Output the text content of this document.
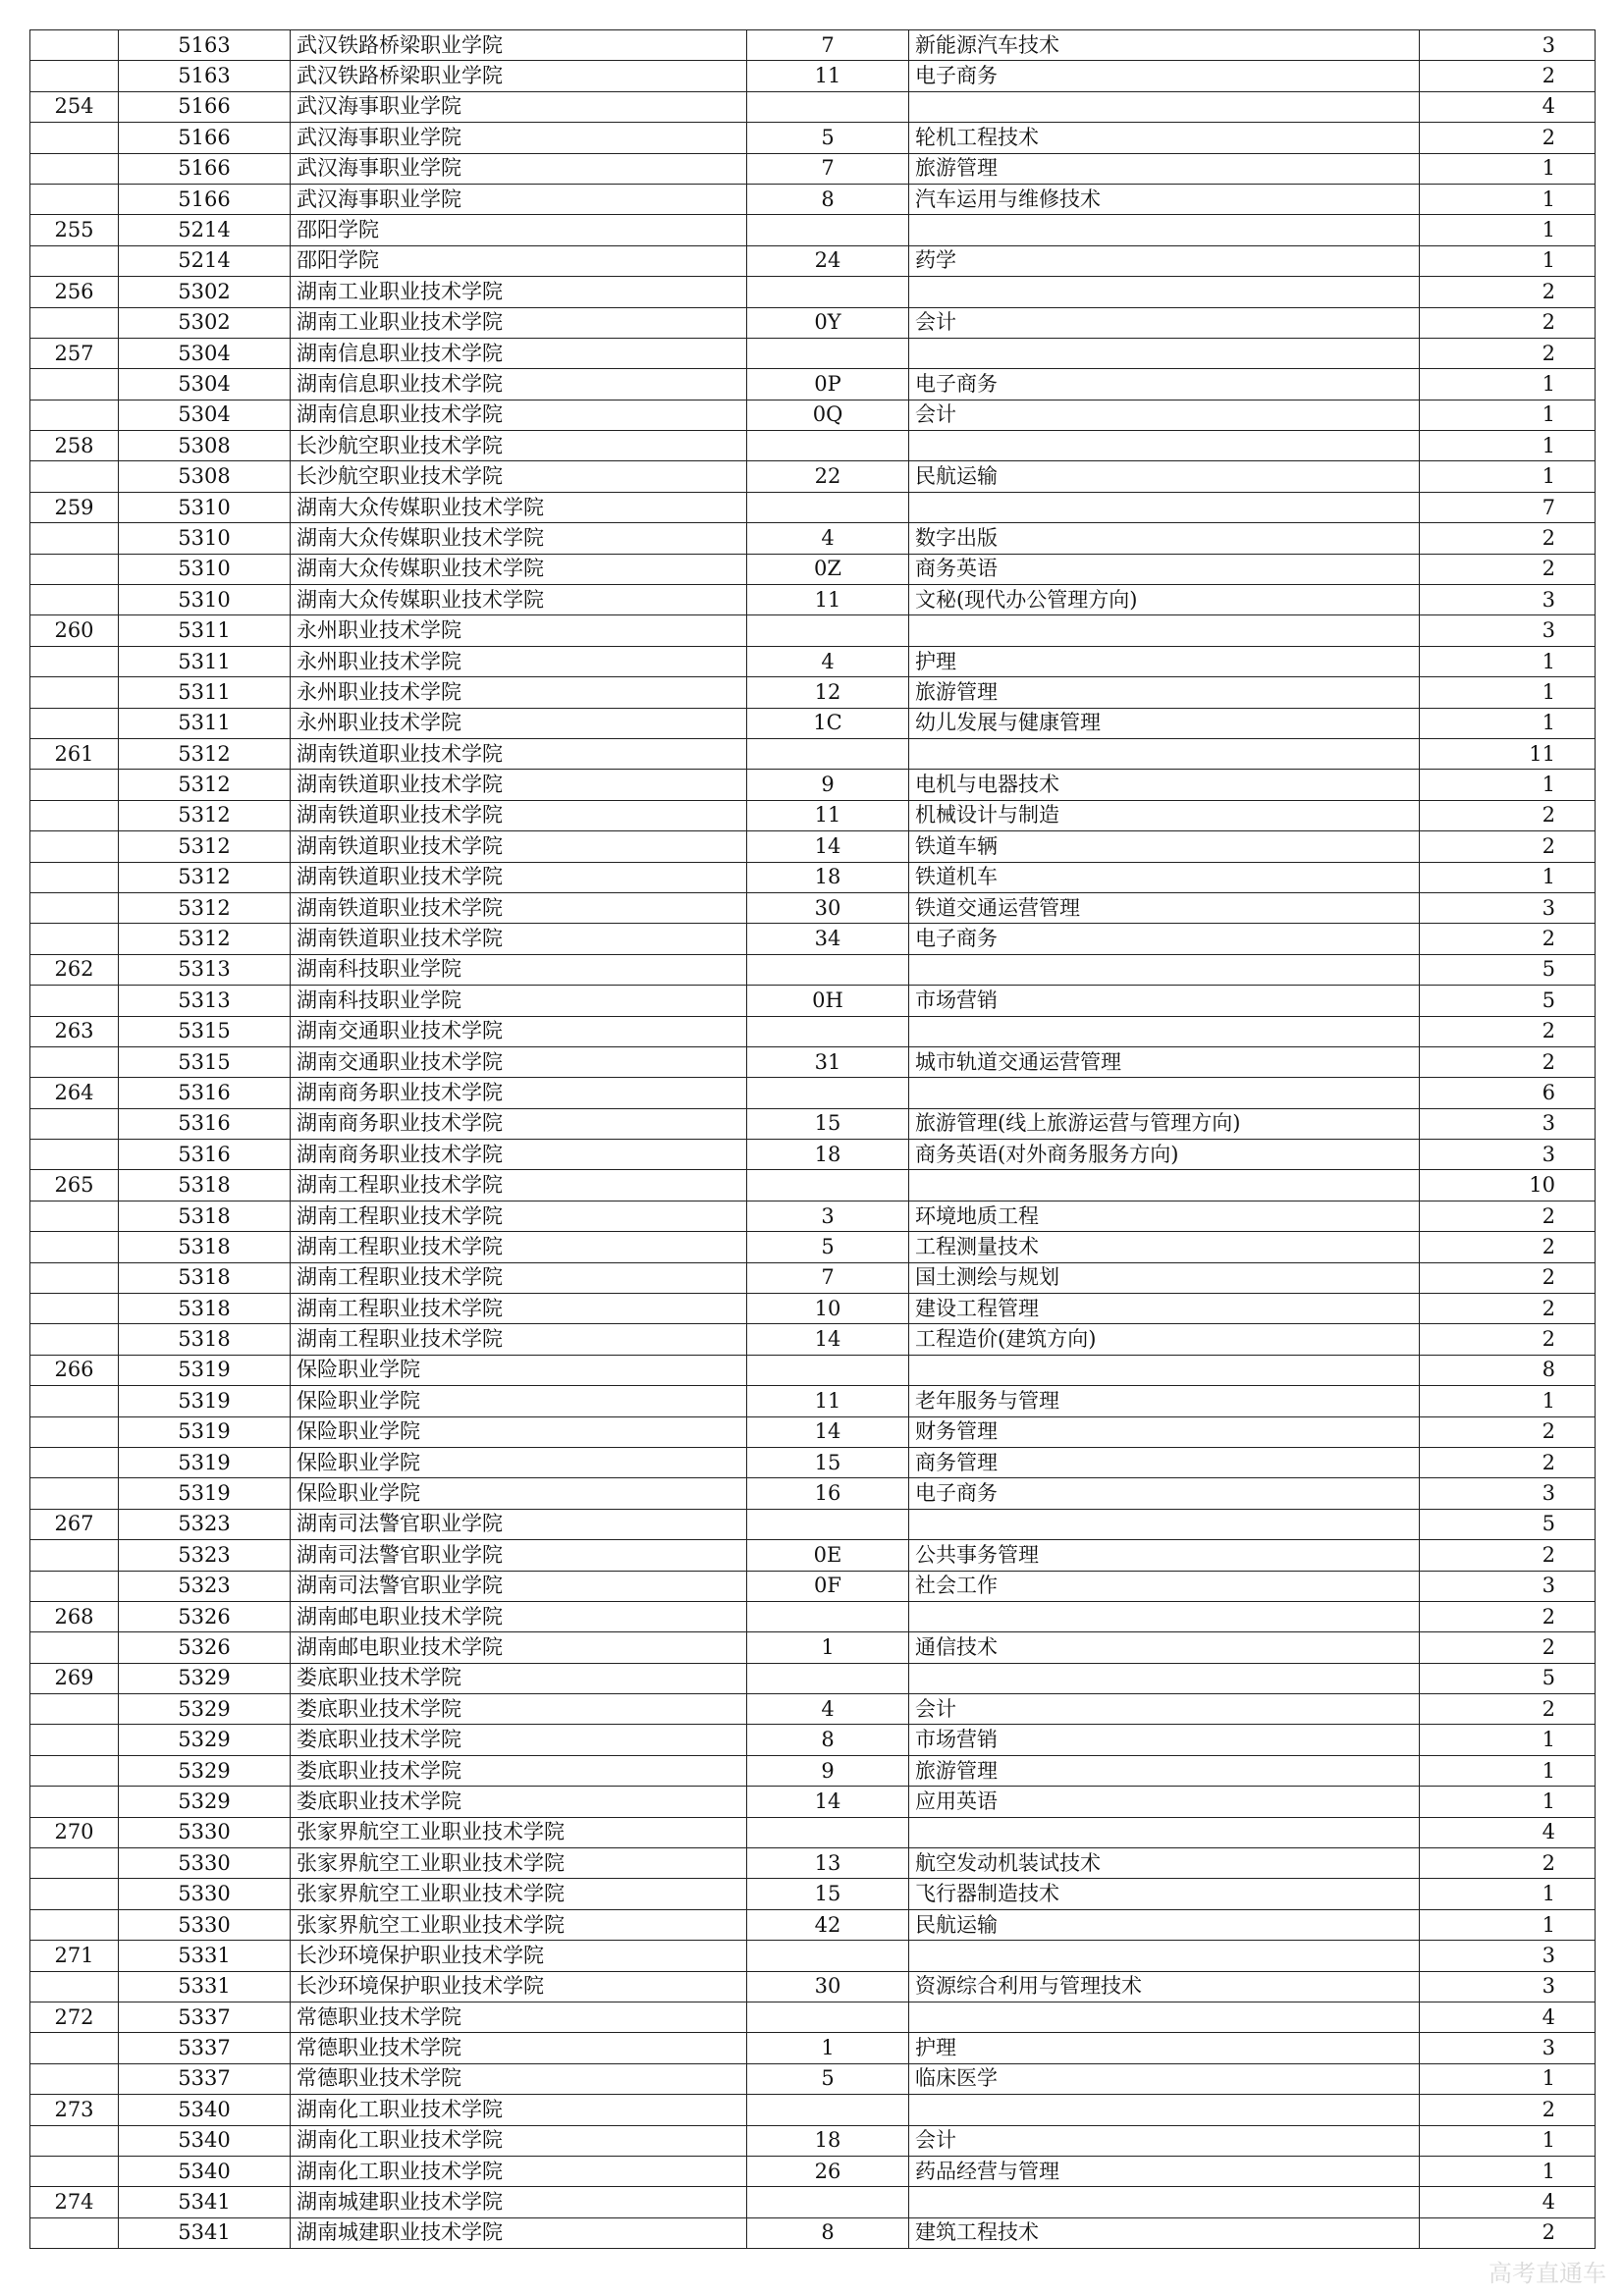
	5163	武汉铁路桥梁职业学院	7	新能源汽车技术	3
	5163	武汉铁路桥梁职业学院	11	电子商务	2
254	5166	武汉海事职业学院			4
	5166	武汉海事职业学院	5	轮机工程技术	2
	5166	武汉海事职业学院	7	旅游管理	1
	5166	武汉海事职业学院	8	汽车运用与维修技术	1
255	5214	邵阳学院			1
	5214	邵阳学院	24	药学	1
256	5302	湖南工业职业技术学院			2
	5302	湖南工业职业技术学院	0Y	会计	2
257	5304	湖南信息职业技术学院			2
	5304	湖南信息职业技术学院	0P	电子商务	1
	5304	湖南信息职业技术学院	0Q	会计	1
258	5308	长沙航空职业技术学院			1
	5308	长沙航空职业技术学院	22	民航运输	1
259	5310	湖南大众传媒职业技术学院			7
	5310	湖南大众传媒职业技术学院	4	数字出版	2
	5310	湖南大众传媒职业技术学院	0Z	商务英语	2
	5310	湖南大众传媒职业技术学院	11	文秘(现代办公管理方向)	3
260	5311	永州职业技术学院			3
	5311	永州职业技术学院	4	护理	1
	5311	永州职业技术学院	12	旅游管理	1
	5311	永州职业技术学院	1C	幼儿发展与健康管理	1
261	5312	湖南铁道职业技术学院			11
	5312	湖南铁道职业技术学院	9	电机与电器技术	1
	5312	湖南铁道职业技术学院	11	机械设计与制造	2
	5312	湖南铁道职业技术学院	14	铁道车辆	2
	5312	湖南铁道职业技术学院	18	铁道机车	1
	5312	湖南铁道职业技术学院	30	铁道交通运营管理	3
	5312	湖南铁道职业技术学院	34	电子商务	2
262	5313	湖南科技职业学院			5
	5313	湖南科技职业学院	0H	市场营销	5
263	5315	湖南交通职业技术学院			2
	5315	湖南交通职业技术学院	31	城市轨道交通运营管理	2
264	5316	湖南商务职业技术学院			6
	5316	湖南商务职业技术学院	15	旅游管理(线上旅游运营与管理方向)	3
	5316	湖南商务职业技术学院	18	商务英语(对外商务服务方向)	3
265	5318	湖南工程职业技术学院			10
	5318	湖南工程职业技术学院	3	环境地质工程	2
	5318	湖南工程职业技术学院	5	工程测量技术	2
	5318	湖南工程职业技术学院	7	国土测绘与规划	2
	5318	湖南工程职业技术学院	10	建设工程管理	2
	5318	湖南工程职业技术学院	14	工程造价(建筑方向)	2
266	5319	保险职业学院			8
	5319	保险职业学院	11	老年服务与管理	1
	5319	保险职业学院	14	财务管理	2
	5319	保险职业学院	15	商务管理	2
	5319	保险职业学院	16	电子商务	3
267	5323	湖南司法警官职业学院			5
	5323	湖南司法警官职业学院	0E	公共事务管理	2
	5323	湖南司法警官职业学院	0F	社会工作	3
268	5326	湖南邮电职业技术学院			2
	5326	湖南邮电职业技术学院	1	通信技术	2
269	5329	娄底职业技术学院			5
	5329	娄底职业技术学院	4	会计	2
	5329	娄底职业技术学院	8	市场营销	1
	5329	娄底职业技术学院	9	旅游管理	1
	5329	娄底职业技术学院	14	应用英语	1
270	5330	张家界航空工业职业技术学院			4
	5330	张家界航空工业职业技术学院	13	航空发动机装试技术	2
	5330	张家界航空工业职业技术学院	15	飞行器制造技术	1
	5330	张家界航空工业职业技术学院	42	民航运输	1
271	5331	长沙环境保护职业技术学院			3
	5331	长沙环境保护职业技术学院	30	资源综合利用与管理技术	3
272	5337	常德职业技术学院			4
	5337	常德职业技术学院	1	护理	3
	5337	常德职业技术学院	5	临床医学	1
273	5340	湖南化工职业技术学院			2
	5340	湖南化工职业技术学院	18	会计	1
	5340	湖南化工职业技术学院	26	药品经营与管理	1
274	5341	湖南城建职业技术学院			4
	5341	湖南城建职业技术学院	8	建筑工程技术	2
高考直通车
